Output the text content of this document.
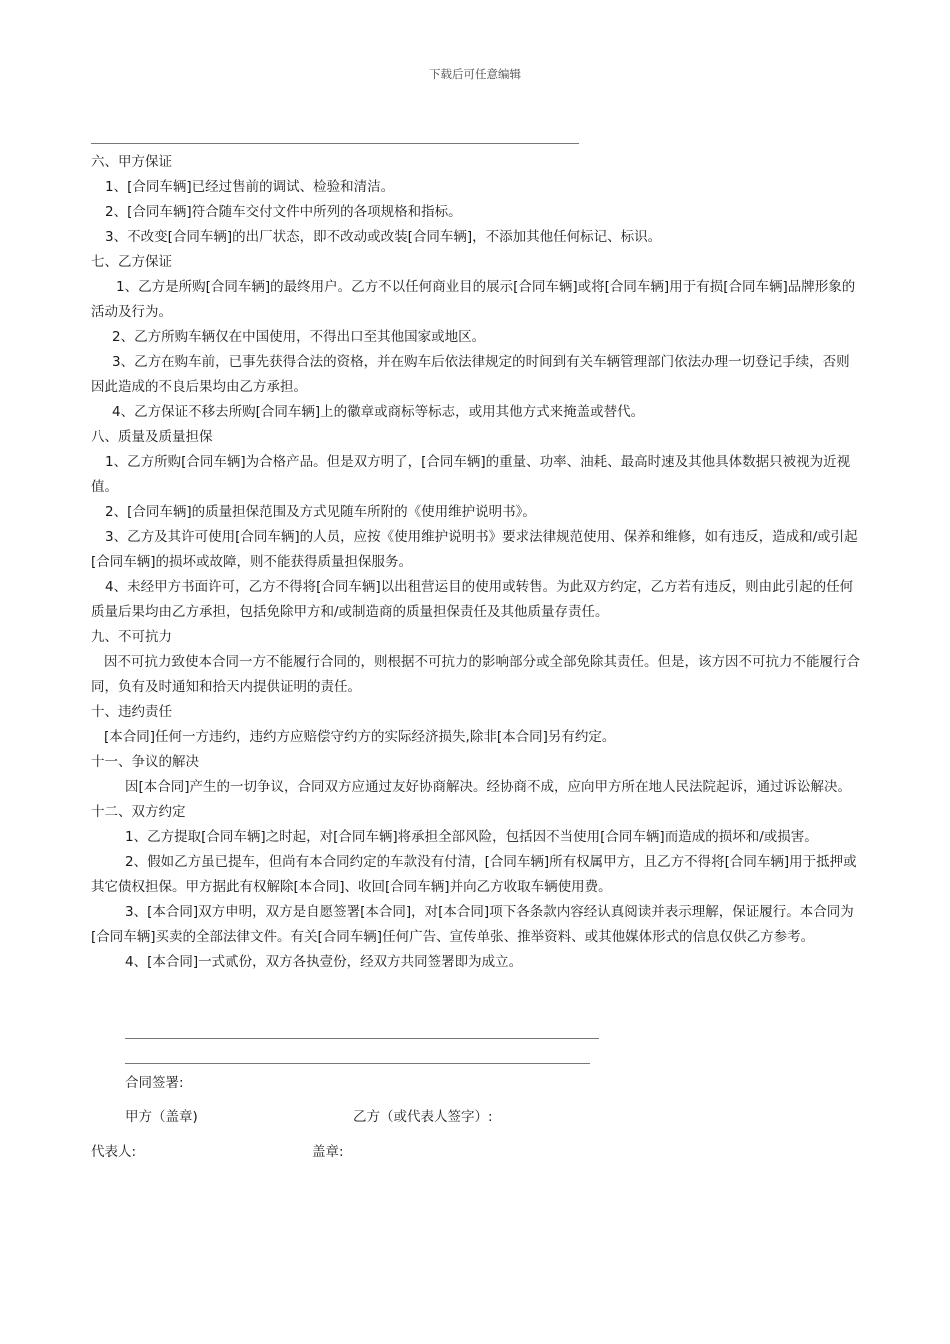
下载后可任意编辑

六、甲方保证

1、[合同车辆]已经过售前的调试、检验和清洁。

2、[合同车辆]符合随车交付文件中所列的各项规格和指标。

3、不改变[合同车辆]的出厂状态，即不改动或改装[合同车辆]，不添加其他任何标记、标识。

七、乙方保证

1、乙方是所购[合同车辆]的最终用户。乙方不以任何商业目的展示[合同车辆]或将[合同车辆]用于有损[合同车辆]品牌形象的活动及行为。

2、乙方所购车辆仅在中国使用，不得出口至其他国家或地区。

3、乙方在购车前，已事先获得合法的资格，并在购车后依法律规定的时间到有关车辆管理部门依法办理一切登记手续，否则因此造成的不良后果均由乙方承担。

4、乙方保证不移去所购[合同车辆]上的徽章或商标等标志，或用其他方式来掩盖或替代。

八、质量及质量担保

1、乙方所购[合同车辆]为合格产品。但是双方明了，[合同车辆]的重量、功率、油耗、最高时速及其他具体数据只被视为近视值。

2、[合同车辆]的质量担保范围及方式见随车所附的《使用维护说明书》。

3、乙方及其许可使用[合同车辆]的人员，应按《使用维护说明书》要求法律规范使用、保养和维修，如有违反，造成和/或引起[合同车辆]的损坏或故障，则不能获得质量担保服务。

4、未经甲方书面许可，乙方不得将[合同车辆]以出租营运目的使用或转售。为此双方约定，乙方若有违反，则由此引起的任何质量后果均由乙方承担，包括免除甲方和/或制造商的质量担保责任及其他质量存责任。

九、不可抗力

因不可抗力致使本合同一方不能履行合同的，则根据不可抗力的影响部分或全部免除其责任。但是，该方因不可抗力不能履行合同，负有及时通知和拾天内提供证明的责任。

十、违约责任

[本合同]任何一方违约，违约方应赔偿守约方的实际经济损失,除非[本合同]另有约定。

十一、争议的解决

因[本合同]产生的一切争议，合同双方应通过友好协商解决。经协商不成，应向甲方所在地人民法院起诉，通过诉讼解决。

十二、双方约定

1、乙方提取[合同车辆]之时起，对[合同车辆]将承担全部风险，包括因不当使用[合同车辆]而造成的损坏和/或损害。

2、假如乙方虽已提车，但尚有本合同约定的车款没有付清，[合同车辆]所有权属甲方，且乙方不得将[合同车辆]用于抵押或其它债权担保。甲方据此有权解除[本合同]、收回[合同车辆]并向乙方收取车辆使用费。

3、[本合同]双方申明，双方是自愿签署[本合同]，对[本合同]项下各条款内容经认真阅读并表示理解，保证履行。本合同为[合同车辆]买卖的全部法律文件。有关[合同车辆]任何广告、宣传单张、推举资料、或其他媒体形式的信息仅供乙方参考。

4、[本合同]一式贰份，双方各执壹份，经双方共同签署即为成立。

合同签署:
甲方（盖章)	乙方（或代表人签字）:
代表人:	盖章:
